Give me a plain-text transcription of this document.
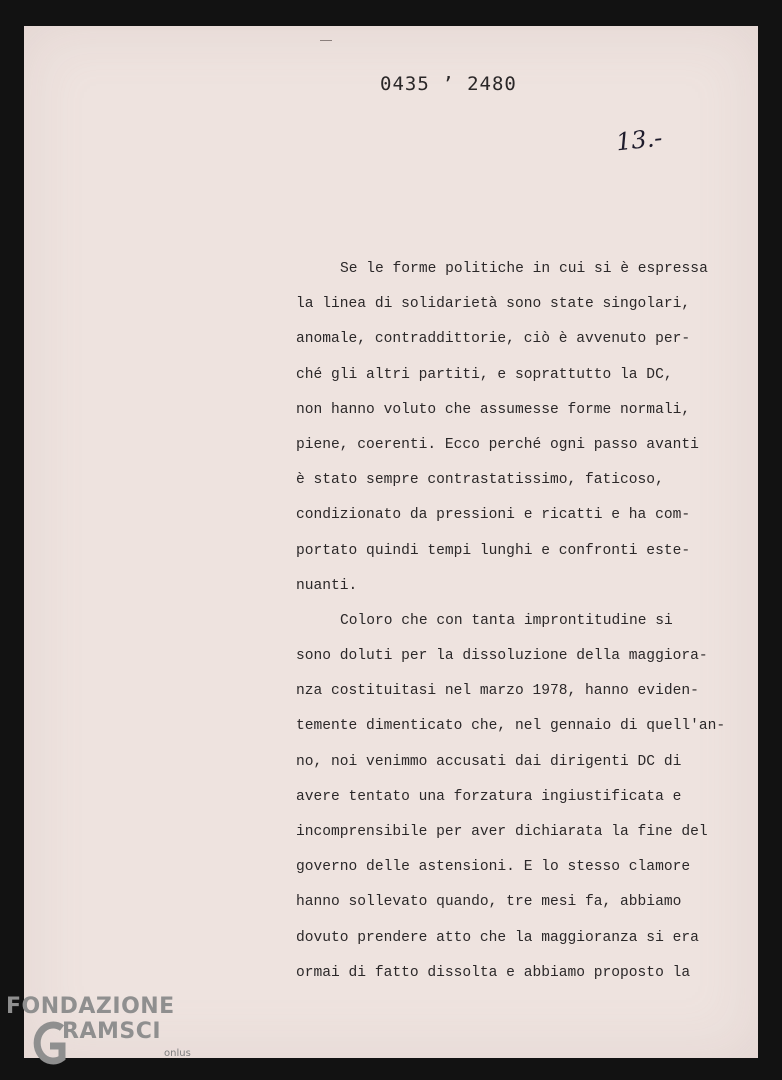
0435 ’ 2480
13.-
Se le forme politiche in cui si è espressa
la linea di solidarietà sono state singolari,
anomale, contraddittorie, ciò è avvenuto per-
ché gli altri partiti, e soprattutto la DC,
non hanno voluto che assumesse forme normali,
piene, coerenti. Ecco perché ogni passo avanti
è stato sempre contrastatissimo, faticoso,
condizionato da pressioni e ricatti e ha com-
portato quindi tempi lunghi e confronti este-
nuanti.
Coloro che con tanta improntitudine si
sono doluti per la dissoluzione della maggiora-
nza costituitasi nel marzo 1978, hanno eviden-
temente dimenticato che, nel gennaio di quell'an-
no, noi venimmo accusati dai dirigenti DC di
avere tentato una forzatura ingiustificata e
incomprensibile per aver dichiarata la fine del
governo delle astensioni. E lo stesso clamore
hanno sollevato quando, tre mesi fa, abbiamo
dovuto prendere atto che la maggioranza si era
ormai di fatto dissolta e abbiamo proposto la
FONDAZIONE
RAMSCI
onlus
